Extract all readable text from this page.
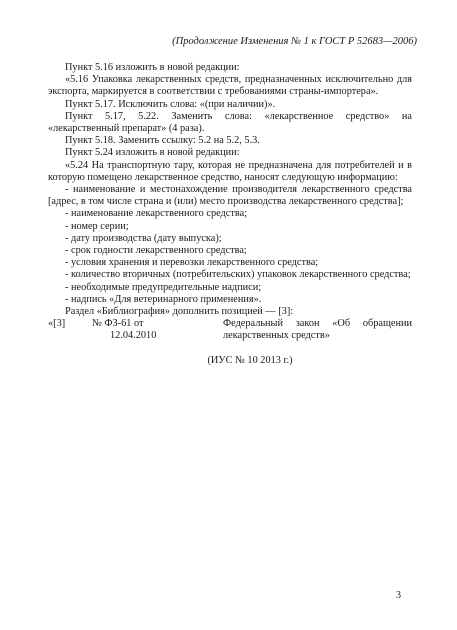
(Продолжение Изменения № 1 к ГОСТ Р 52683—2006)

Пункт 5.16 изложить в новой редакции:

«5.16 Упаковка лекарственных средств, предназначенных исключительно для экспорта, маркируется в соответствии с требованиями страны-импортера».

Пункт 5.17. Исключить слова: «(при наличии)».

Пункт 5.17, 5.22. Заменить слова: «лекарственное средство» на «лекарственный препарат» (4 раза).

Пункт 5.18. Заменить ссылку: 5.2 на 5.2, 5.3.

Пункт 5.24 изложить в новой редакции:

«5.24 На транспортную тару, которая не предназначена для потребителей и в которую помещено лекарственное средство, наносят следующую информацию:

- наименование и местонахождение производителя лекарственного средства [адрес, в том числе страна и (или) место производства лекарственного средства];

- наименование лекарственного средства;

- номер серии;

- дату производства (дату выпуска);

- срок годности лекарственного средства;

- условия хранения и перевозки лекарственного средства;

- количество вторичных (потребительских) упаковок лекарственного средства;

- необходимые предупредительные надписи;

- надпись «Для ветеринарного применения».

Раздел «Библиография» дополнить позицией — [3]:

«[3]	№ ФЗ-61 от
12.04.2010
Федеральный закон «Об обращении лекарственных средств»

(ИУС № 10 2013 г.)

3
